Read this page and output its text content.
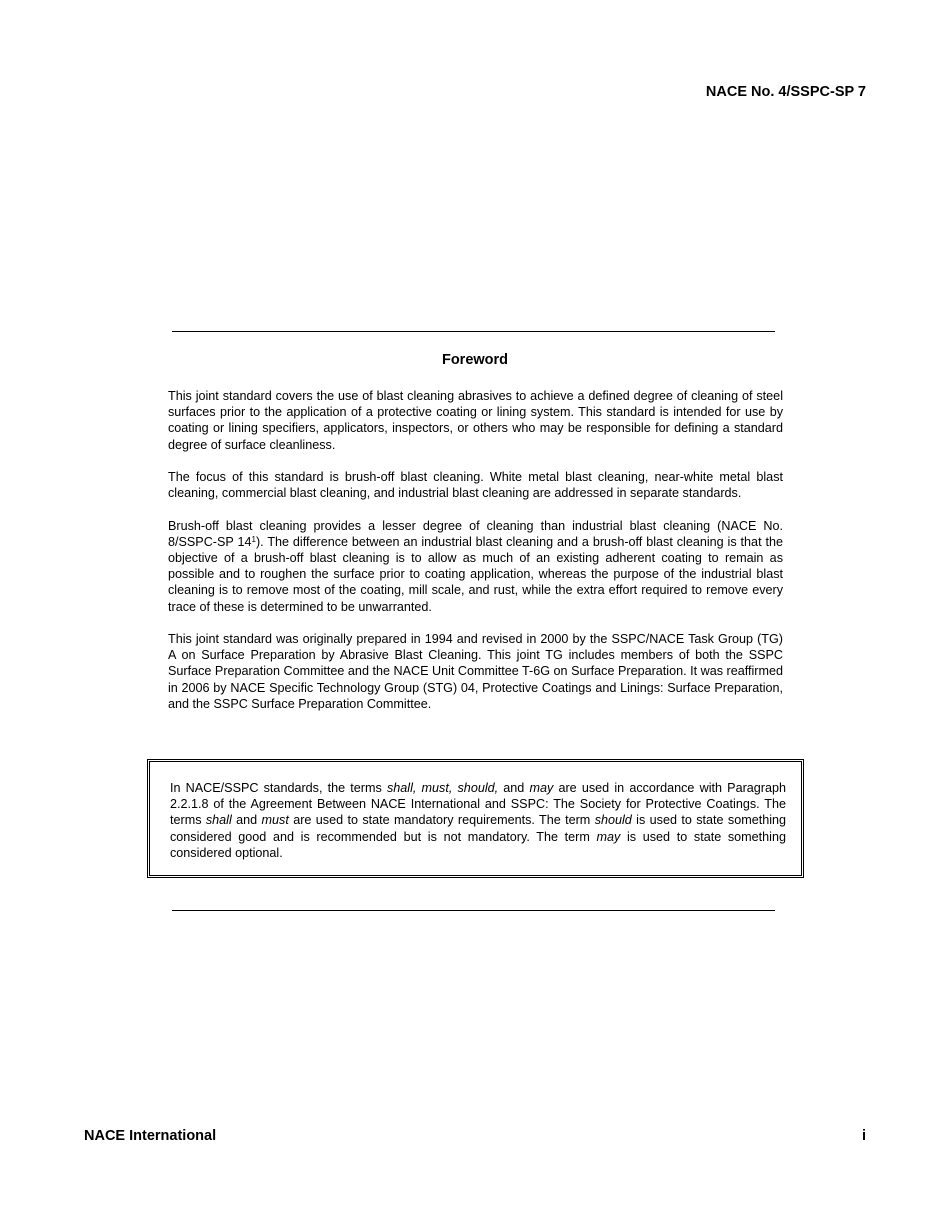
NACE No. 4/SSPC-SP 7
Foreword

This joint standard covers the use of blast cleaning abrasives to achieve a defined degree of cleaning of steel surfaces prior to the application of a protective coating or lining system. This standard is intended for use by coating or lining specifiers, applicators, inspectors, or others who may be responsible for defining a standard degree of surface cleanliness.

The focus of this standard is brush-off blast cleaning. White metal blast cleaning, near-white metal blast cleaning, commercial blast cleaning, and industrial blast cleaning are addressed in separate standards.

Brush-off blast cleaning provides a lesser degree of cleaning than industrial blast cleaning (NACE No. 8/SSPC-SP $14^1$). The difference between an industrial blast cleaning and a brush-off blast cleaning is that the objective of a brush-off blast cleaning is to allow as much of an existing adherent coating to remain as possible and to roughen the surface prior to coating application, whereas the purpose of the industrial blast cleaning is to remove most of the coating, mill scale, and rust, while the extra effort required to remove every trace of these is determined to be unwarranted.

This joint standard was originally prepared in 1994 and revised in 2000 by the SSPC/NACE Task Group (TG) A on Surface Preparation by Abrasive Blast Cleaning. This joint TG includes members of both the SSPC Surface Preparation Committee and the NACE Unit Committee T-6G on Surface Preparation. It was reaffirmed in 2006 by NACE Specific Technology Group (STG) 04, Protective Coatings and Linings: Surface Preparation, and the SSPC Surface Preparation Committee.

In NACE/SSPC standards, the terms shall, must, should, and may are used in accordance with Paragraph 2.2.1.8 of the Agreement Between NACE International and SSPC: The Society for Protective Coatings. The terms shall and must are used to state mandatory requirements. The term should is used to state something considered good and is recommended but is not mandatory. The term may is used to state something considered optional.
NACE International	i
